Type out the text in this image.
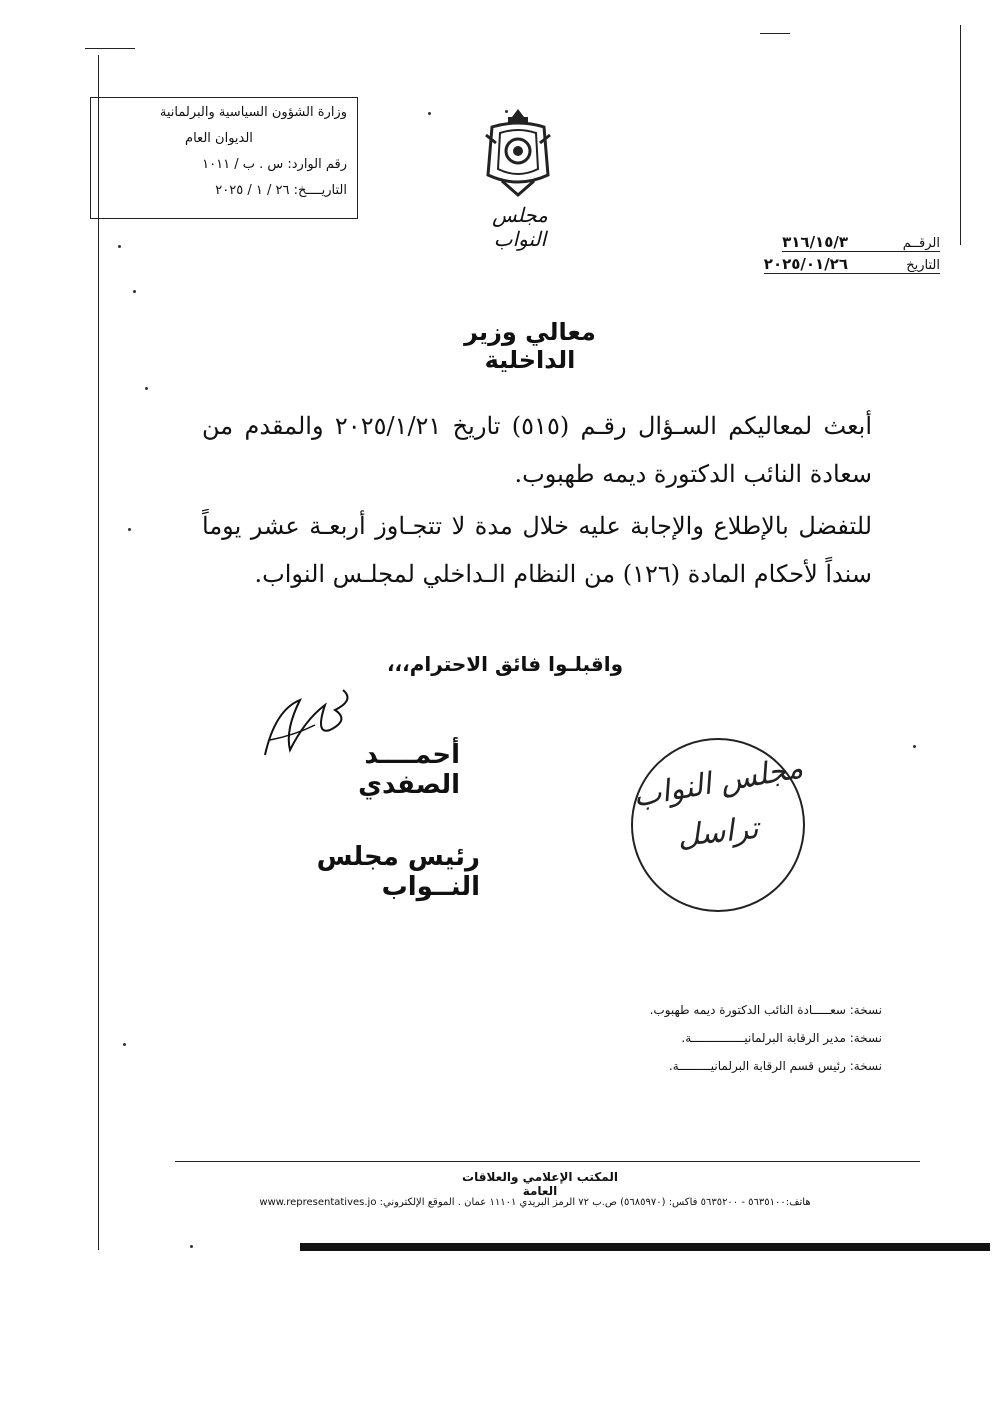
وزارة الشؤون السياسية والبرلمانية
الديوان العام
رقم الوارد: س . ب / ١٠١١
التاريــــخ: ٢٦ / ١ / ٢٠٢٥
مجلس النواب	الرقــم
٣١٦/١٥/٣
التاريخ
٢٠٢٥/٠١/٢٦
معالي وزير الداخلية
أبعث لمعاليكم السـؤال رقـم (٥١٥) تاريخ ٢٠٢٥/١/٢١ والمقدم من سعادة النائب الدكتورة ديمه طهبوب.
للتفضل بالإطلاع والإجابة عليه خلال مدة لا تتجـاوز أربعـة عشر يوماً سنداً لأحكام المادة (١٢٦) من النظام الـداخلي لمجلـس النواب.
واقبلـوا فائق الاحترام،،،
أحمــــد الصفدي
رئيس مجلس النــواب
مجلس النواب
تراسل
نسخة: سعـــــادة النائب الدكتورة ديمه طهبوب.
نسخة: مدير الرقابة البرلمانيـــــــــــــــة.
نسخة: رئيس قسم الرقابة البرلمانيـــــــــة.
المكتب الإعلامي والعلاقات العامة
هاتف:٥٦٣٥١٠٠ - ٥٦٣٥٢٠٠ فاكس: (٥٦٨٥٩٧٠) ص.ب ٧٢ الرمز البريدي ١١١٠١ عمان . الموقع الإلكتروني: www.representatives.jo
